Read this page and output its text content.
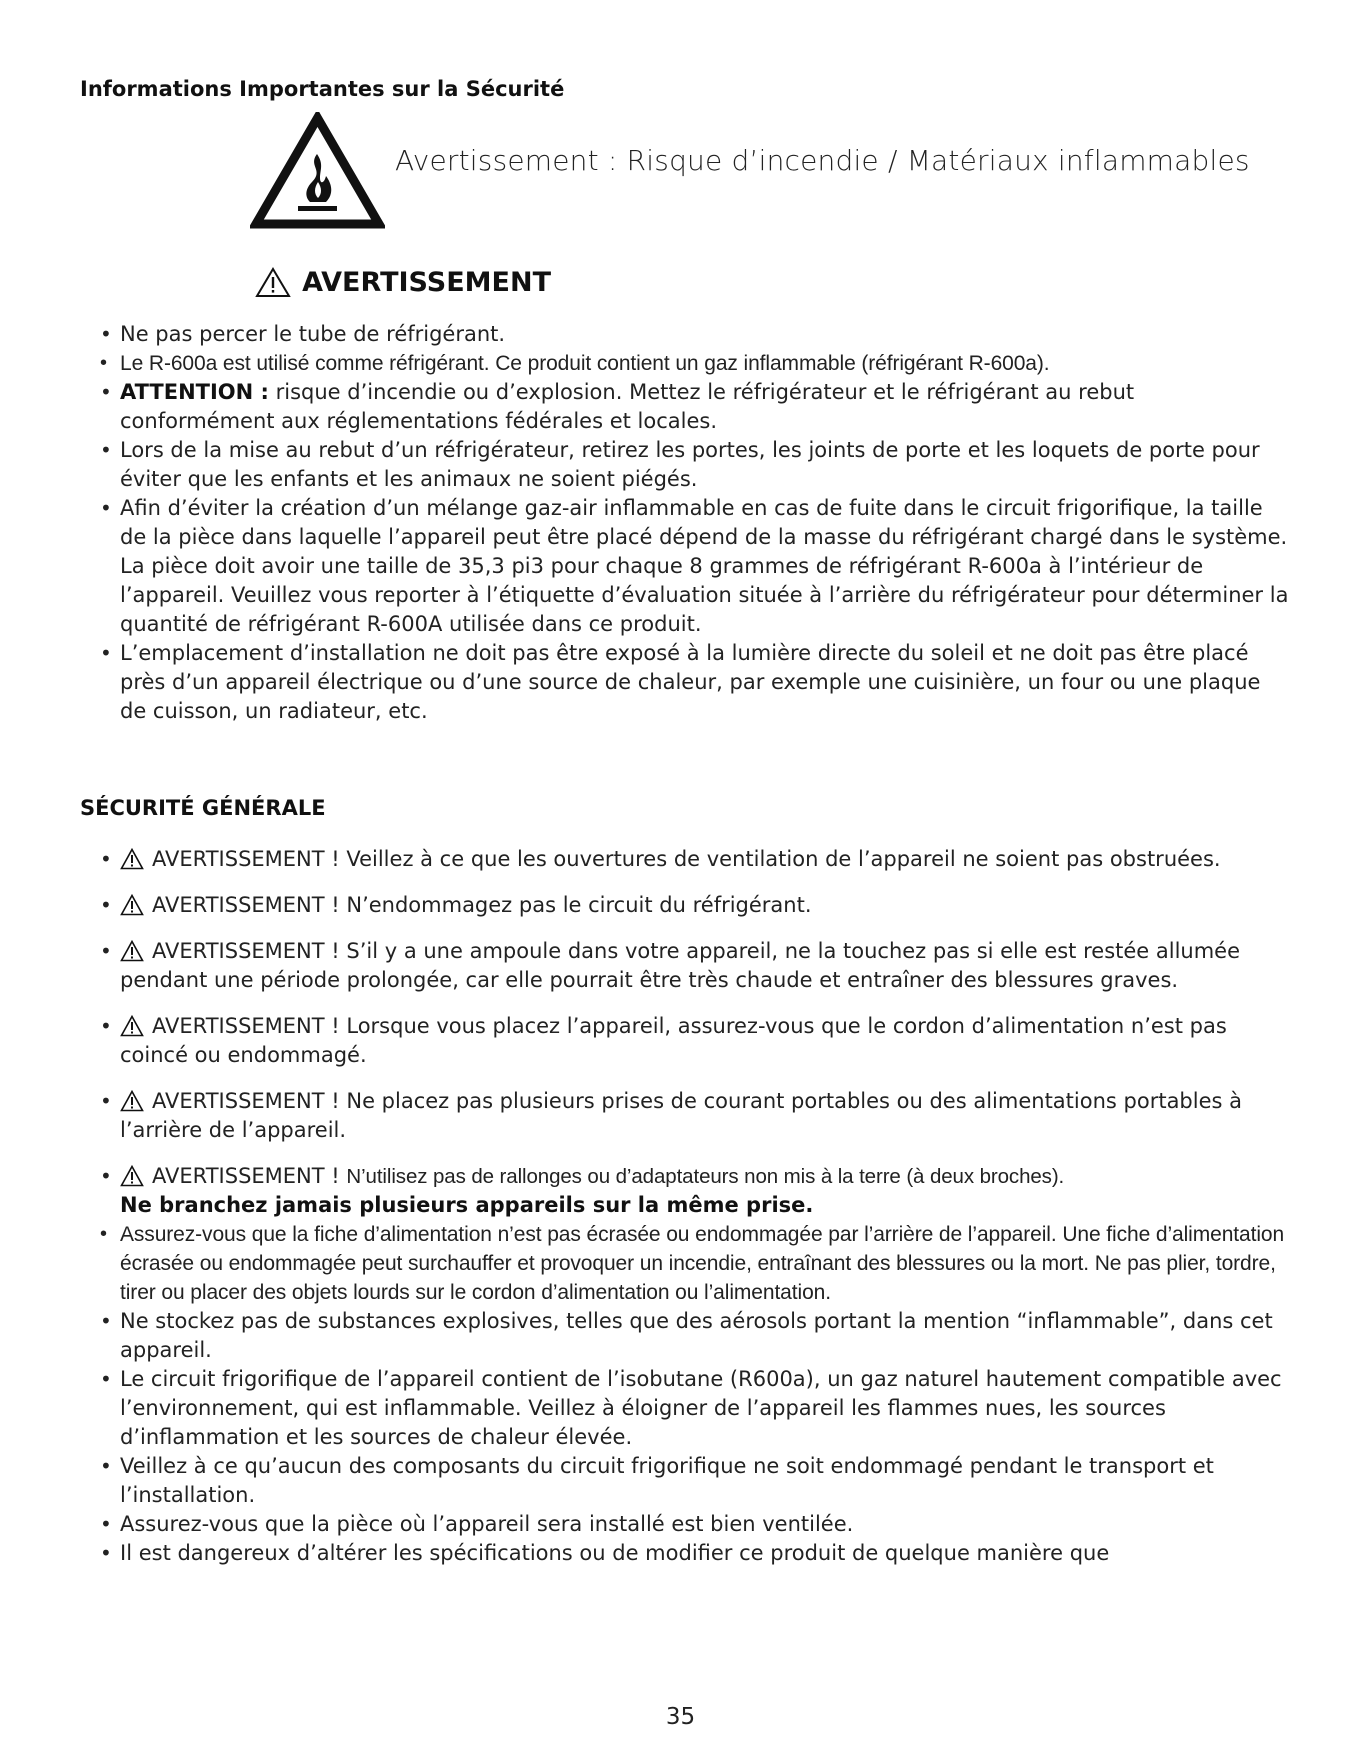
Informations Importantes sur la Sécurité
Avertissement : Risque d’incendie / Matériaux inflammables
AVERTISSEMENT
• Ne pas percer le tube de réfrigérant.
• Le R-600a est utilisé comme réfrigérant. Ce produit contient un gaz inflammable (réfrigérant R-600a).
• ATTENTION : risque d’incendie ou d’explosion. Mettez le réfrigérateur et le réfrigérant au rebut conformément aux réglementations fédérales et locales.
• Lors de la mise au rebut d’un réfrigérateur, retirez les portes, les joints de porte et les loquets de porte pour éviter que les enfants et les animaux ne soient piégés.
• Afin d’éviter la création d’un mélange gaz-air inflammable en cas de fuite dans le circuit frigorifique, la taille de la pièce dans laquelle l’appareil peut être placé dépend de la masse du réfrigérant chargé dans le système. La pièce doit avoir une taille de 35,3 pi3 pour chaque 8 grammes de réfrigérant R-600a à l’intérieur de l’appareil. Veuillez vous reporter à l’étiquette d’évaluation située à l’arrière du réfrigérateur pour déterminer la quantité de réfrigérant R-600A utilisée dans ce produit.
• L’emplacement d’installation ne doit pas être exposé à la lumière directe du soleil et ne doit pas être placé près d’un appareil électrique ou d’une source de chaleur, par exemple une cuisinière, un four ou une plaque de cuisson, un radiateur, etc.
SÉCURITÉ GÉNÉRALE
• AVERTISSEMENT ! Veillez à ce que les ouvertures de ventilation de l’appareil ne soient pas obstruées.
• AVERTISSEMENT ! N’endommagez pas le circuit du réfrigérant.
• AVERTISSEMENT ! S’il y a une ampoule dans votre appareil, ne la touchez pas si elle est restée allumée pendant une période prolongée, car elle pourrait être très chaude et entraîner des blessures graves.
• AVERTISSEMENT ! Lorsque vous placez l’appareil, assurez-vous que le cordon d’alimentation n’est pas coincé ou endommagé.
• AVERTISSEMENT ! Ne placez pas plusieurs prises de courant portables ou des alimentations portables à l’arrière de l’appareil.
• AVERTISSEMENT ! N’utilisez pas de rallonges ou d’adaptateurs non mis à la terre (à deux broches).
Ne branchez jamais plusieurs appareils sur la même prise.
• Assurez-vous que la fiche d’alimentation n’est pas écrasée ou endommagée par l’arrière de l’appareil. Une fiche d’alimentation écrasée ou endommagée peut surchauffer et provoquer un incendie, entraînant des blessures ou la mort. Ne pas plier, tordre, tirer ou placer des objets lourds sur le cordon d’alimentation ou l’alimentation.
• Ne stockez pas de substances explosives, telles que des aérosols portant la mention “inflammable”, dans cet appareil.
• Le circuit frigorifique de l’appareil contient de l’isobutane (R600a), un gaz naturel hautement compatible avec l’environnement, qui est inflammable. Veillez à éloigner de l’appareil les flammes nues, les sources d’inflammation et les sources de chaleur élevée.
• Veillez à ce qu’aucun des composants du circuit frigorifique ne soit endommagé pendant le transport et l’installation.
• Assurez-vous que la pièce où l’appareil sera installé est bien ventilée.
• Il est dangereux d’altérer les spécifications ou de modifier ce produit de quelque manière que
35
